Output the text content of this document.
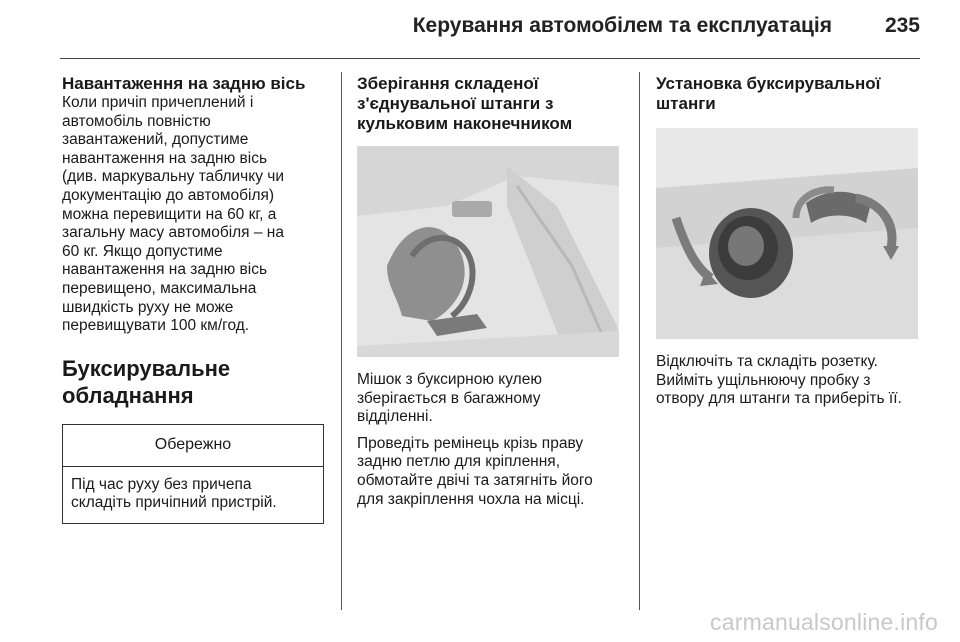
Керування автомобілем та експлуатація	235
Навантаження на задню вісь

Коли причіп причеплений і
автомобіль повністю
завантажений, допустиме
навантаження на задню вісь
(див. маркувальну табличку чи
документацію до автомобіля)
можна перевищити на 60 кг, а
загальну масу автомобіля – на
60 кг. Якщо допустиме
навантаження на задню вісь
перевищено, максимальна
швидкість руху не може
перевищувати 100 км/год.

Буксирувальне
обладнання
Обережно
Під час руху без причепа
складіть причіпний пристрій.
Зберігання складеної
з'єднувальної штанги з
кульковим наконечником

Мішок з буксирною кулею
зберігається в багажному
відділенні.

Проведіть ремінець крізь праву
задню петлю для кріплення,
обмотайте двічі та затягніть його
для закріплення чохла на місці.

Установка буксирувальної
штанги

Відключіть та складіть розетку.
Вийміть ущільнюючу пробку з
отвору для штанги та приберіть її.

carmanualsonline.info
